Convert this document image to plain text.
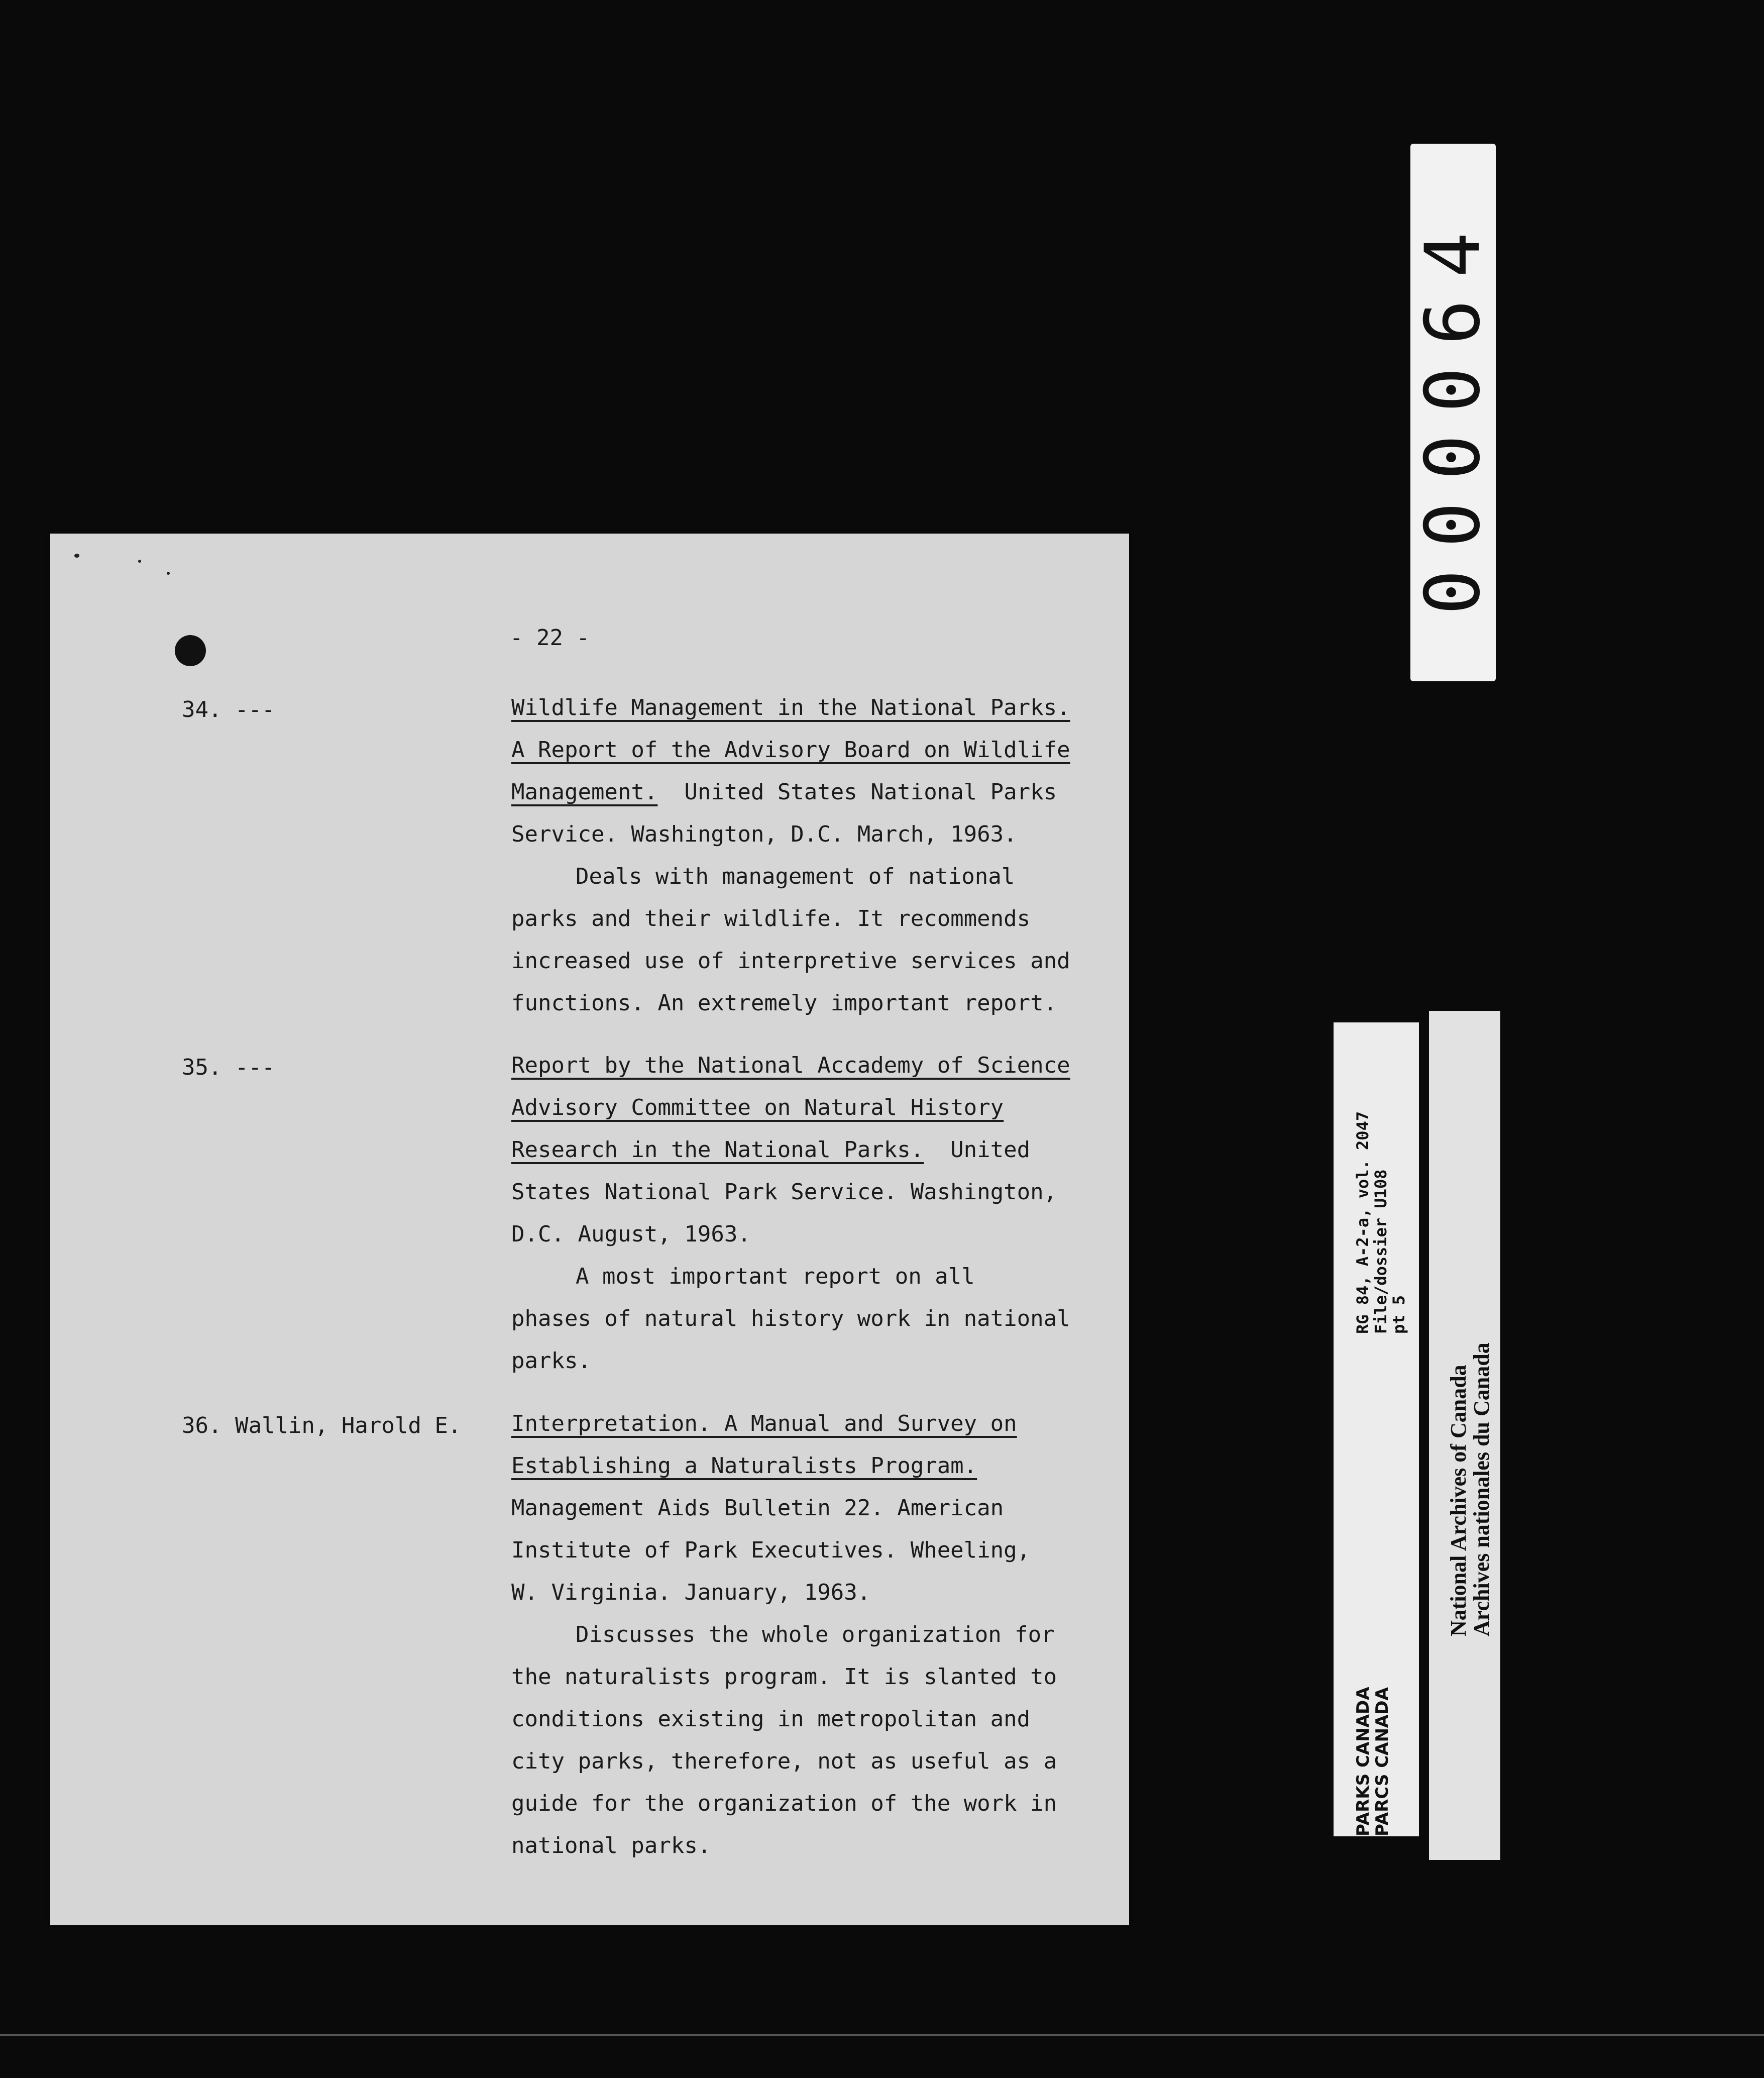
- 22 -
34. ---	Wildlife Management in the National Parks.
A Report of the Advisory Board on Wildlife
Management.  United States National Parks
Service. Washington, D.C. March, 1963.
Deals with management of national
parks and their wildlife. It recommends
increased use of interpretive services and
functions. An extremely important report.
35. ---	Report by the National Accademy of Science
Advisory Committee on Natural History
Research in the National Parks.  United
States National Park Service. Washington,
D.C. August, 1963.
A most important report on all
phases of natural history work in national
parks.
36. Wallin, Harold E. Interpretation. A Manual and Survey on
Establishing a Naturalists Program.
Management Aids Bulletin 22. American
Institute of Park Executives. Wheeling,
W. Virginia. January, 1963.
Discusses the whole organization for
the naturalists program. It is slanted to
conditions existing in metropolitan and
city parks, therefore, not as useful as a
guide for the organization of the work in
national parks.
000064
PARKS CANADA
PARCS CANADA
RG 84, A-2-a, vol. 2047
File/dossier U108
pt 5
National Archives of Canada
Archives nationales du Canada
